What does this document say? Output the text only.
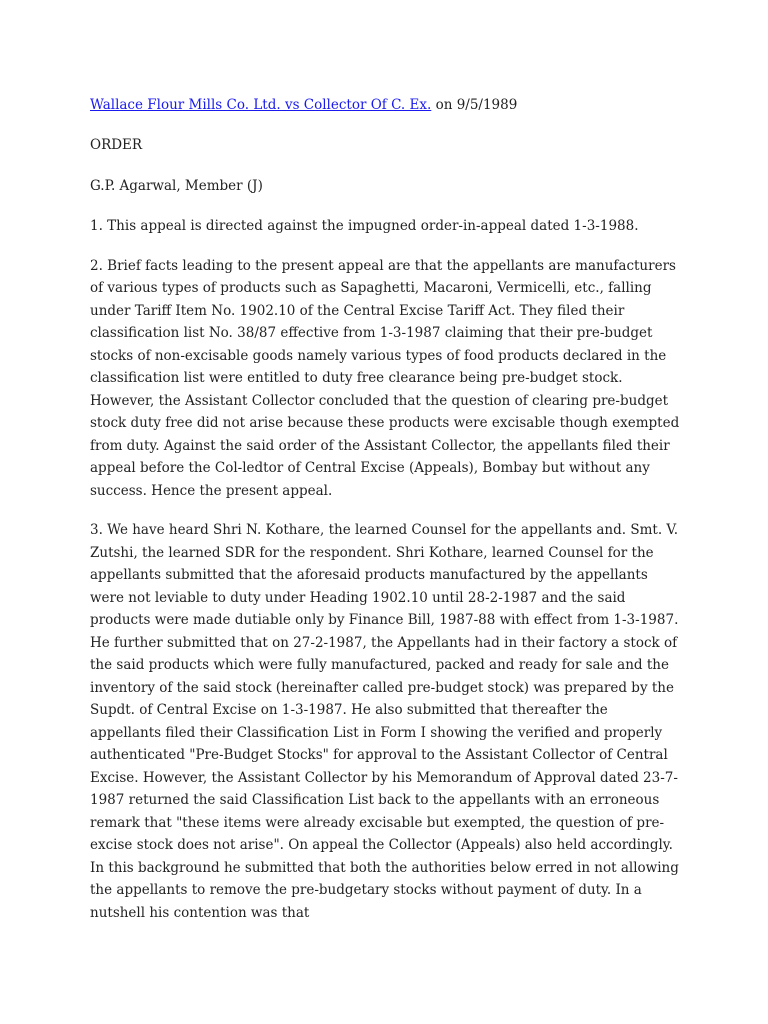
Wallace Flour Mills Co. Ltd. vs Collector Of C. Ex. on 9/5/1989
ORDER
G.P. Agarwal, Member (J)
1. This appeal is directed against the impugned order-in-appeal dated 1-3-1988.
2. Brief facts leading to the present appeal are that the appellants are manufacturers of various types of products such as Sapaghetti, Macaroni, Vermicelli, etc., falling under Tariff Item No. 1902.10 of the Central Excise Tariff Act. They filed their classification list No. 38/87 effective from 1-3-1987 claiming that their pre-budget stocks of non-excisable goods namely various types of food products declared in the classification list were entitled to duty free clearance being pre-budget stock. However, the Assistant Collector concluded that the question of clearing pre-budget stock duty free did not arise because these products were excisable though exempted from duty. Against the said order of the Assistant Collector, the appellants filed their appeal before the Col-ledtor of Central Excise (Appeals), Bombay but without any success. Hence the present appeal.
3. We have heard Shri N. Kothare, the learned Counsel for the appellants and. Smt. V. Zutshi, the learned SDR for the respondent. Shri Kothare, learned Counsel for the appellants submitted that the aforesaid products manufactured by the appellants were not leviable to duty under Heading 1902.10 until 28-2-1987 and the said products were made dutiable only by Finance Bill, 1987-88 with effect from 1-3-1987. He further submitted that on 27-2-1987, the Appellants had in their factory a stock of the said products which were fully manufactured, packed and ready for sale and the inventory of the said stock (hereinafter called pre-budget stock) was prepared by the Supdt. of Central Excise on 1-3-1987. He also submitted that thereafter the appellants filed their Classification List in Form I showing the verified and properly authenticated "Pre-Budget Stocks" for approval to the Assistant Collector of Central Excise. However, the Assistant Collector by his Memorandum of Approval dated 23-7-1987 returned the said Classification List back to the appellants with an erroneous remark that "these items were already excisable but exempted, the question of pre-excise stock does not arise". On appeal the Collector (Appeals) also held accordingly. In this background he submitted that both the authorities below erred in not allowing the appellants to remove the pre-budgetary stocks without payment of duty. In a nutshell his contention was that
